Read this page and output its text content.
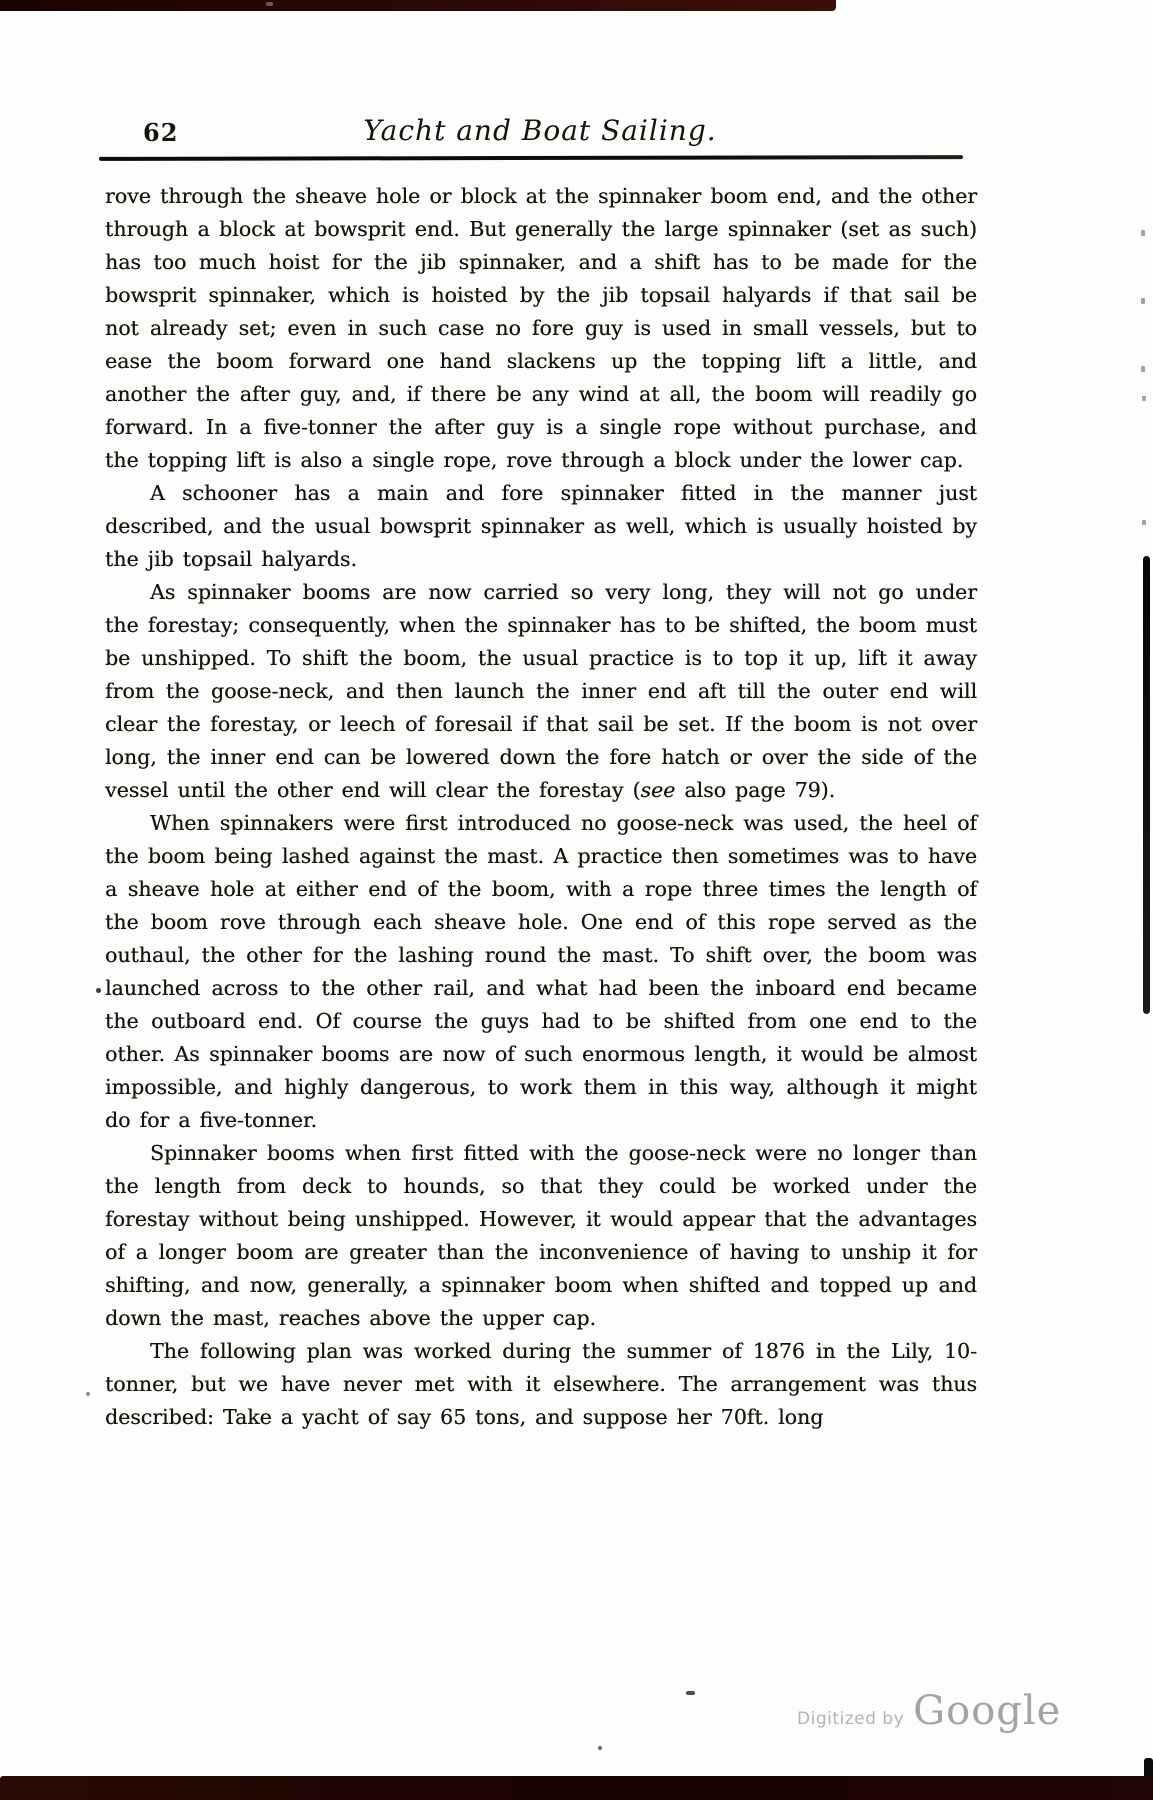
62	Yacht and Boat Sailing.

rove through the sheave hole or block at the spinnaker boom end, and the other through a block at bowsprit end. But generally the large spinnaker (set as such) has too much hoist for the jib spinnaker, and a shift has to be made for the bowsprit spinnaker, which is hoisted by the jib topsail halyards if that sail be not already set; even in such case no fore guy is used in small vessels, but to ease the boom forward one hand slackens up the topping lift a little, and another the after guy, and, if there be any wind at all, the boom will readily go forward. In a five-tonner the after guy is a single rope without purchase, and the topping lift is also a single rope, rove through a block under the lower cap.

A schooner has a main and fore spinnaker fitted in the manner just described, and the usual bowsprit spinnaker as well, which is usually hoisted by the jib topsail halyards.

As spinnaker booms are now carried so very long, they will not go under the forestay; consequently, when the spinnaker has to be shifted, the boom must be unshipped. To shift the boom, the usual practice is to top it up, lift it away from the goose-neck, and then launch the inner end aft till the outer end will clear the forestay, or leech of foresail if that sail be set. If the boom is not over long, the inner end can be lowered down the fore hatch or over the side of the vessel until the other end will clear the forestay (see also page 79).

When spinnakers were first introduced no goose-neck was used, the heel of the boom being lashed against the mast. A practice then sometimes was to have a sheave hole at either end of the boom, with a rope three times the length of the boom rove through each sheave hole. One end of this rope served as the outhaul, the other for the lashing round the mast. To shift over, the boom was launched across to the other rail, and what had been the inboard end became the outboard end. Of course the guys had to be shifted from one end to the other. As spinnaker booms are now of such enormous length, it would be almost impossible, and highly dangerous, to work them in this way, although it might do for a five-tonner.

Spinnaker booms when first fitted with the goose-neck were no longer than the length from deck to hounds, so that they could be worked under the forestay without being unshipped. However, it would appear that the advantages of a longer boom are greater than the inconvenience of having to unship it for shifting, and now, generally, a spinnaker boom when shifted and topped up and down the mast, reaches above the upper cap.

The following plan was worked during the summer of 1876 in the Lily, 10-tonner, but we have never met with it elsewhere. The arrangement was thus described: Take a yacht of say 65 tons, and suppose her 70ft. long

Digitized by Google
